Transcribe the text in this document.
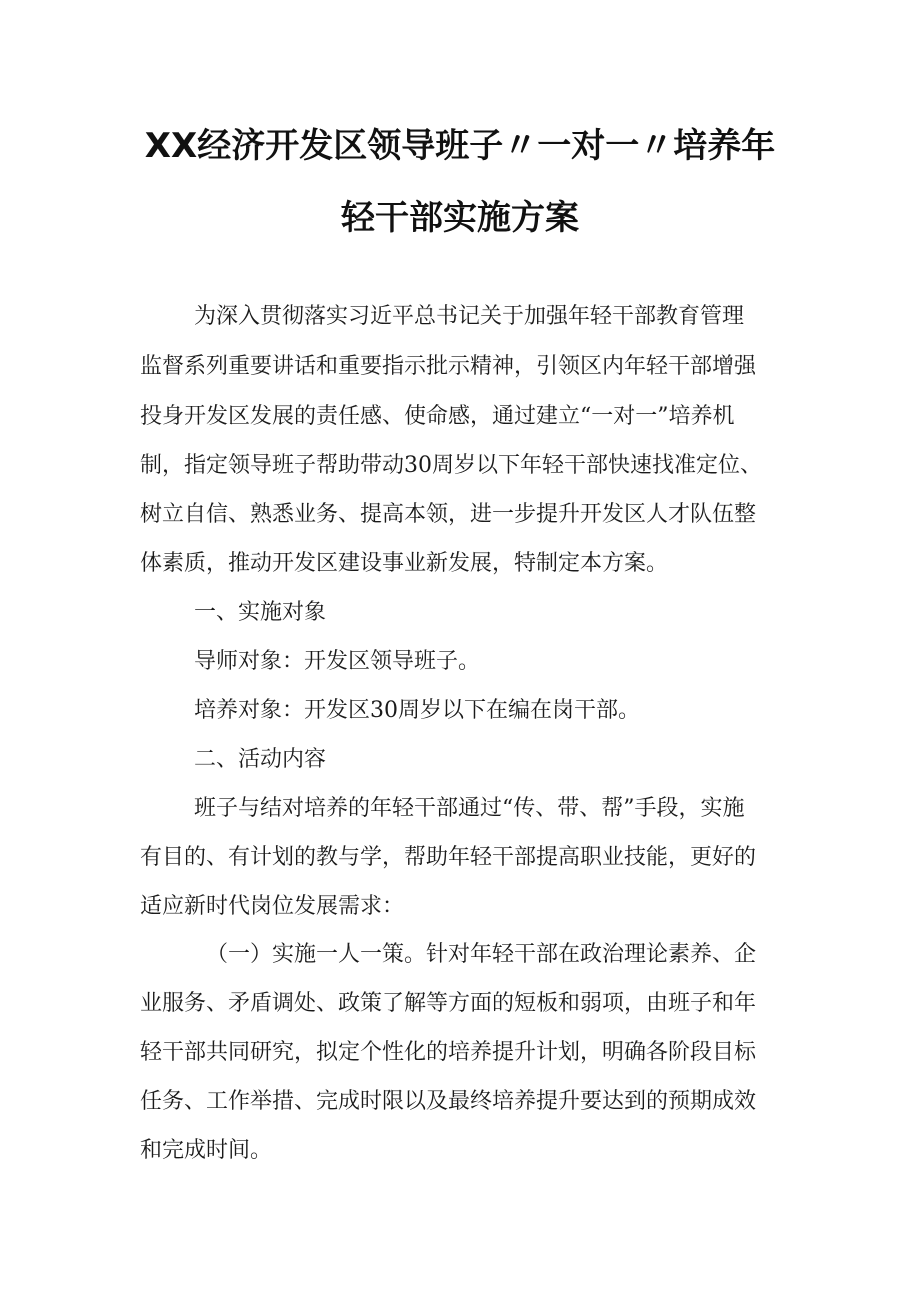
XX经济开发区领导班子〃一对一〃培养年
轻干部实施方案
为深入贯彻落实习近平总书记关于加强年轻干部教育管理
监督系列重要讲话和重要指示批示精神，引领区内年轻干部增强
投身开发区发展的责任感、使命感，通过建立“一对一”培养机
制，指定领导班子帮助带动30周岁以下年轻干部快速找准定位、
树立自信、熟悉业务、提高本领，进一步提升开发区人才队伍整
体素质，推动开发区建设事业新发展，特制定本方案。
一、实施对象
导师对象：开发区领导班子。
培养对象：开发区30周岁以下在编在岗干部。
二、活动内容
班子与结对培养的年轻干部通过“传、带、帮”手段，实施
有目的、有计划的教与学，帮助年轻干部提高职业技能，更好的
适应新时代岗位发展需求：
（一）实施一人一策。针对年轻干部在政治理论素养、企
业服务、矛盾调处、政策了解等方面的短板和弱项，由班子和年
轻干部共同研究，拟定个性化的培养提升计划，明确各阶段目标
任务、工作举措、完成时限以及最终培养提升要达到的预期成效
和完成时间。
